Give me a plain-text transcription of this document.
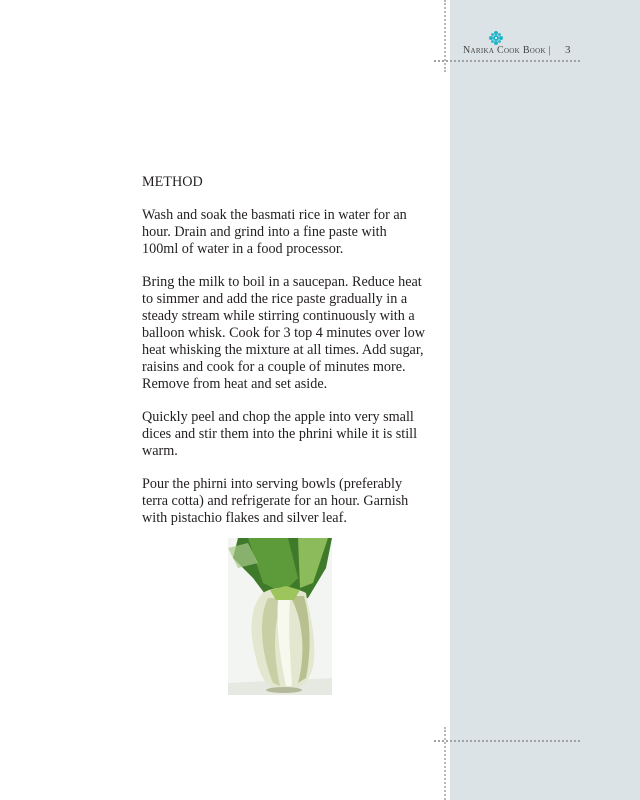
Narika Cook Book | 3

METHOD

Wash and soak the basmati rice in water for an
hour. Drain and grind into a fine paste with
100ml of water in a food processor.

Bring the milk to boil in a saucepan. Reduce heat
to simmer and add the rice paste gradually in a
steady stream while stirring continuously with a
balloon whisk. Cook for 3 top 4 minutes over low
heat whisking the mixture at all times. Add sugar,
raisins and cook for a couple of minutes more.
Remove from heat and set aside.

Quickly peel and chop the apple into very small
dices and stir them into the phrini while it is still
warm.

Pour the phirni into serving bowls (preferably
terra cotta) and refrigerate for an hour. Garnish
with pistachio flakes and silver leaf.
